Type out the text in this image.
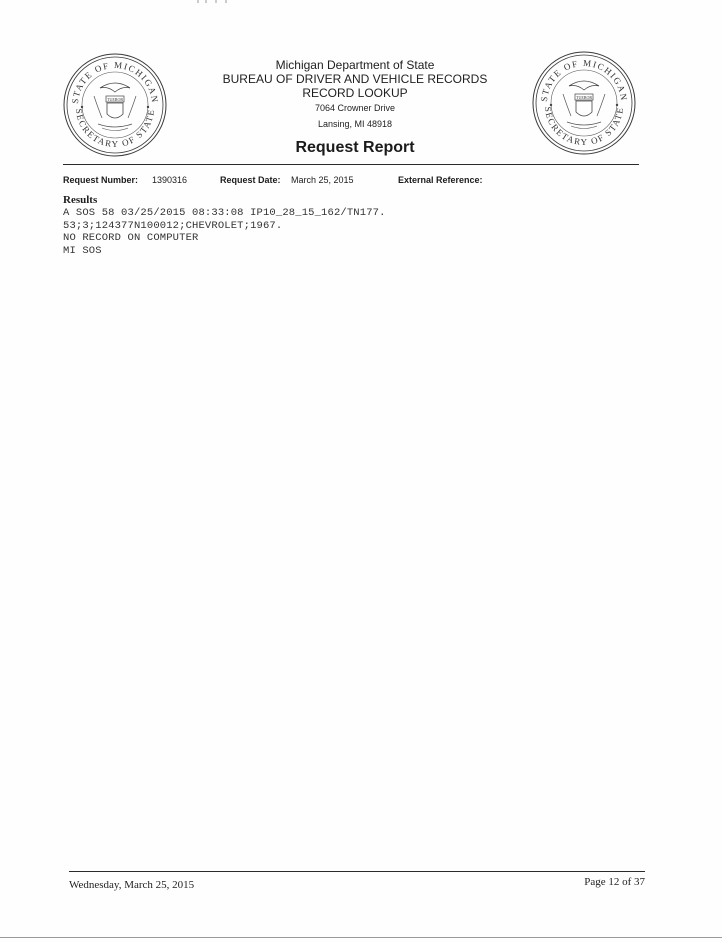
STATE OF MICHIGAN
SECRETARY OF STATE
TUEBOR	STATE OF MICHIGAN
SECRETARY OF STATE
TUEBOR
Michigan Department of State
BUREAU OF DRIVER AND VEHICLE RECORDS
RECORD LOOKUP
7064 Crowner Drive
Lansing, MI 48918
Request Report
Request Number: 1390316	Request Date: March 25, 2015	External Reference:
Results
A SOS 58 03/25/2015 08:33:08 IP10_28_15_162/TN177.
53;3;124377N100012;CHEVROLET;1967.
NO RECORD ON COMPUTER
MI SOS
Wednesday, March 25, 2015	Page 12 of 37
